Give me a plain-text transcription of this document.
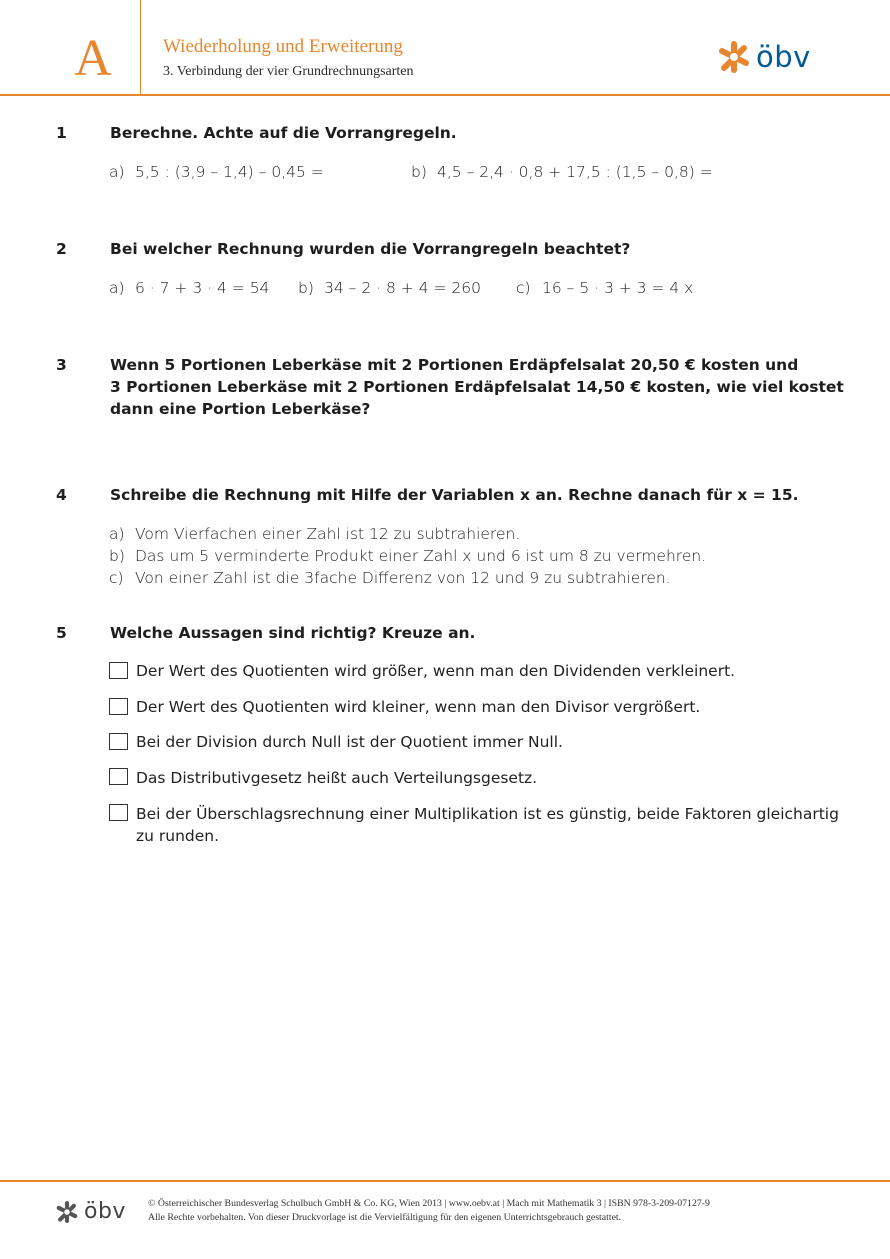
A	Wiederholung und Erweiterung
3. Verbindung der vier Grundrechnungsarten	öbv
1	Berechne. Achte auf die Vorrangregeln.
a) 5,5 : (3,9 – 1,4) – 0,45 =	b) 4,5 – 2,4 · 0,8 + 17,5 : (1,5 – 0,8) =
2	Bei welcher Rechnung wurden die Vorrangregeln beachtet?
a) 6 · 7 + 3 · 4 = 54 b) 34 – 2 · 8 + 4 = 260 c) 16 – 5 · 3 + 3 = 4 x
3	Wenn 5 Portionen Leberkäse mit 2 Portionen Erdäpfelsalat 20,50 € kosten und
3 Portionen Leberkäse mit 2 Portionen Erdäpfelsalat 14,50 € kosten, wie viel kostet
dann eine Portion Leberkäse?
4	Schreibe die Rechnung mit Hilfe der Variablen x an. Rechne danach für x = 15.
a) Vom Vierfachen einer Zahl ist 12 zu subtrahieren.
b) Das um 5 verminderte Produkt einer Zahl x und 6 ist um 8 zu vermehren.
c) Von einer Zahl ist die 3fache Differenz von 12 und 9 zu subtrahieren.
5	Welche Aussagen sind richtig? Kreuze an.
Der Wert des Quotienten wird größer, wenn man den Dividenden verkleinert.
Der Wert des Quotienten wird kleiner, wenn man den Divisor vergrößert.
Bei der Division durch Null ist der Quotient immer Null.
Das Distributivgesetz heißt auch Verteilungsgesetz.
Bei der Überschlagsrechnung einer Multiplikation ist es günstig, beide Faktoren gleichartig
zu runden.
öbv © Österreichischer Bundesverlag Schulbuch GmbH & Co. KG, Wien 2013 | www.oebv.at | Mach mit Mathematik 3 | ISBN 978-3-209-07127-9
Alle Rechte vorbehalten. Von dieser Druckvorlage ist die Vervielfältigung für den eigenen Unterrichtsgebrauch gestattet.
